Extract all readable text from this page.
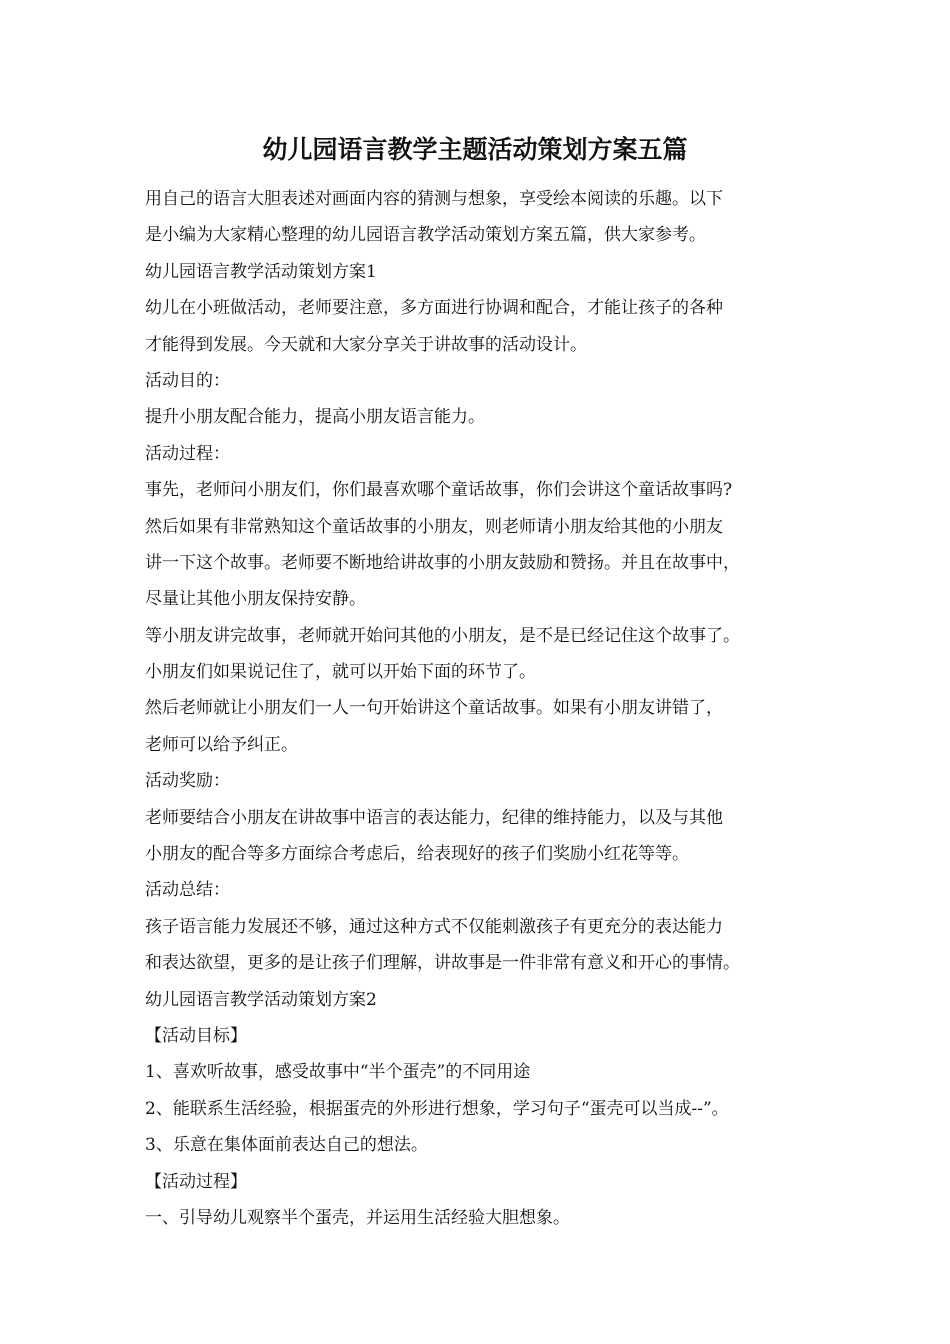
幼儿园语言教学主题活动策划方案五篇
用自己的语言大胆表述对画面内容的猜测与想象，享受绘本阅读的乐趣。以下
是小编为大家精心整理的幼儿园语言教学活动策划方案五篇，供大家参考。
幼儿园语言教学活动策划方案1
幼儿在小班做活动，老师要注意，多方面进行协调和配合，才能让孩子的各种
才能得到发展。今天就和大家分享关于讲故事的活动设计。
活动目的：
提升小朋友配合能力，提高小朋友语言能力。
活动过程：
事先，老师问小朋友们，你们最喜欢哪个童话故事，你们会讲这个童话故事吗?
然后如果有非常熟知这个童话故事的小朋友，则老师请小朋友给其他的小朋友
讲一下这个故事。老师要不断地给讲故事的小朋友鼓励和赞扬。并且在故事中，
尽量让其他小朋友保持安静。
等小朋友讲完故事，老师就开始问其他的小朋友，是不是已经记住这个故事了。
小朋友们如果说记住了，就可以开始下面的环节了。
然后老师就让小朋友们一人一句开始讲这个童话故事。如果有小朋友讲错了，
老师可以给予纠正。
活动奖励：
老师要结合小朋友在讲故事中语言的表达能力，纪律的维持能力，以及与其他
小朋友的配合等多方面综合考虑后，给表现好的孩子们奖励小红花等等。
活动总结：
孩子语言能力发展还不够，通过这种方式不仅能刺激孩子有更充分的表达能力
和表达欲望，更多的是让孩子们理解，讲故事是一件非常有意义和开心的事情。
幼儿园语言教学活动策划方案2
【活动目标】
1、喜欢听故事，感受故事中“半个蛋壳”的不同用途
2、能联系生活经验，根据蛋壳的外形进行想象，学习句子“蛋壳可以当成--”。
3、乐意在集体面前表达自己的想法。
【活动过程】
一、引导幼儿观察半个蛋壳，并运用生活经验大胆想象。
